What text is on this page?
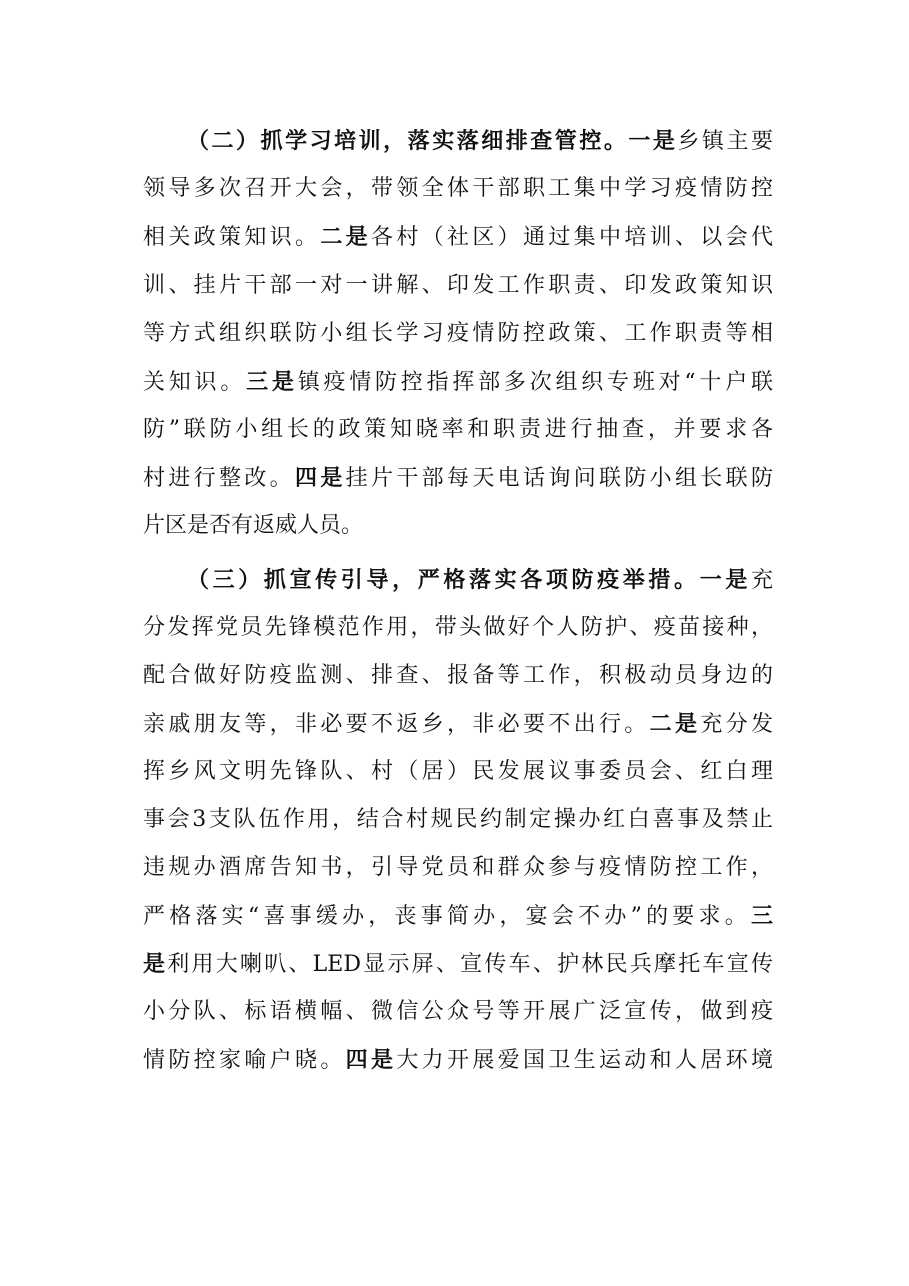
（二）抓学习培训，落实落细排查管控。一是乡镇主要
领导多次召开大会，带领全体干部职工集中学习疫情防控
相关政策知识。二是各村（社区）通过集中培训、以会代
训、挂片干部一对一讲解、印发工作职责、印发政策知识
等方式组织联防小组长学习疫情防控政策、工作职责等相
关知识。三是镇疫情防控指挥部多次组织专班对“十户联
防”联防小组长的政策知晓率和职责进行抽查，并要求各
村进行整改。四是挂片干部每天电话询问联防小组长联防
片区是否有返威人员。
（三）抓宣传引导，严格落实各项防疫举措。一是充
分发挥党员先锋模范作用，带头做好个人防护、疫苗接种，
配合做好防疫监测、排查、报备等工作，积极动员身边的
亲戚朋友等，非必要不返乡，非必要不出行。二是充分发
挥乡风文明先锋队、村（居）民发展议事委员会、红白理
事会3支队伍作用，结合村规民约制定操办红白喜事及禁止
违规办酒席告知书，引导党员和群众参与疫情防控工作，
严格落实“喜事缓办，丧事简办，宴会不办”的要求。三
是利用大喇叭、LED显示屏、宣传车、护林民兵摩托车宣传
小分队、标语横幅、微信公众号等开展广泛宣传，做到疫
情防控家喻户晓。四是大力开展爱国卫生运动和人居环境
